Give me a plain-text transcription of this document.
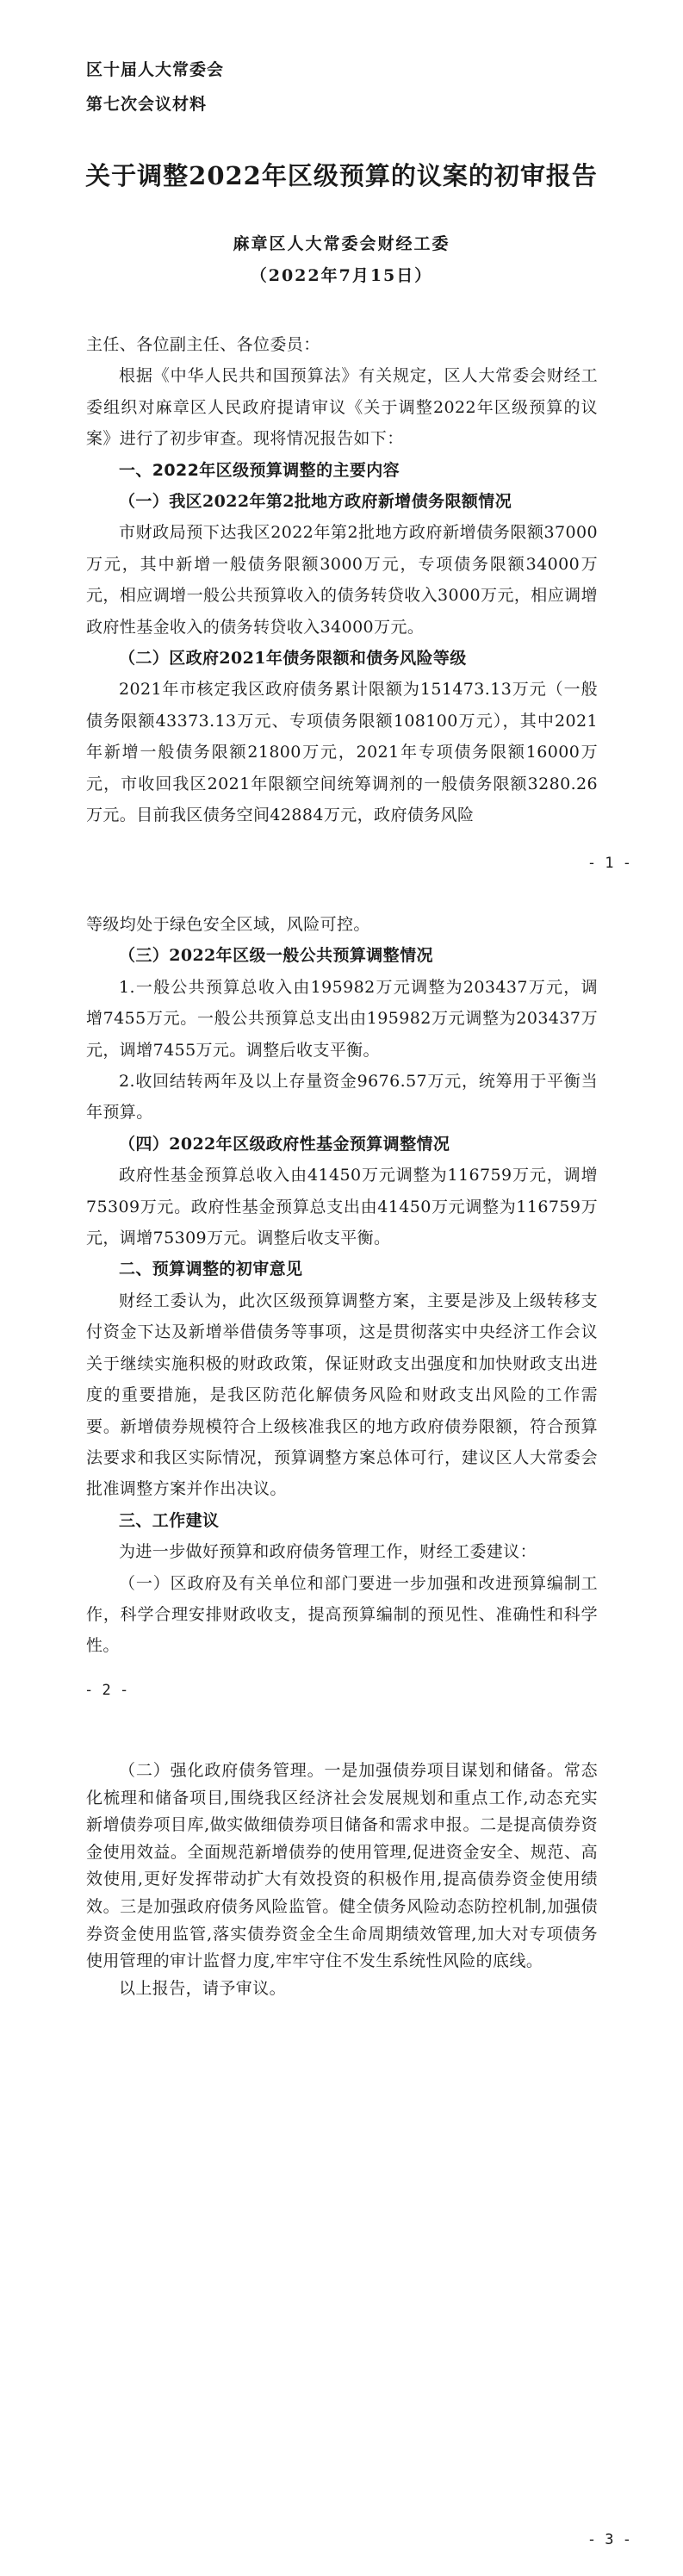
区十届人大常委会
第七次会议材料
关于调整2022年区级预算的议案的初审报告
麻章区人大常委会财经工委
（2022年7月15日）

主任、各位副主任、各位委员：

根据《中华人民共和国预算法》有关规定，区人大常委会财经工委组织对麻章区人民政府提请审议《关于调整2022年区级预算的议案》进行了初步审查。现将情况报告如下：

一、2022年区级预算调整的主要内容

（一）我区2022年第2批地方政府新增债务限额情况

市财政局预下达我区2022年第2批地方政府新增债务限额37000万元，其中新增一般债务限额3000万元，专项债务限额34000万元，相应调增一般公共预算收入的债务转贷收入3000万元，相应调增政府性基金收入的债务转贷收入34000万元。

（二）区政府2021年债务限额和债务风险等级

2021年市核定我区政府债务累计限额为151473.13万元（一般债务限额43373.13万元、专项债务限额108100万元），其中2021年新增一般债务限额21800万元，2021年专项债务限额16000万元，市收回我区2021年限额空间统筹调剂的一般债务限额3280.26万元。目前我区债务空间42884万元，政府债务风险

- 1 -

等级均处于绿色安全区域，风险可控。

（三）2022年区级一般公共预算调整情况

1.一般公共预算总收入由195982万元调整为203437万元，调增7455万元。一般公共预算总支出由195982万元调整为203437万元，调增7455万元。调整后收支平衡。

2.收回结转两年及以上存量资金9676.57万元，统筹用于平衡当年预算。

（四）2022年区级政府性基金预算调整情况

政府性基金预算总收入由41450万元调整为116759万元，调增75309万元。政府性基金预算总支出由41450万元调整为116759万元，调增75309万元。调整后收支平衡。

二、预算调整的初审意见

财经工委认为，此次区级预算调整方案，主要是涉及上级转移支付资金下达及新增举借债务等事项，这是贯彻落实中央经济工作会议关于继续实施积极的财政政策，保证财政支出强度和加快财政支出进度的重要措施，是我区防范化解债务风险和财政支出风险的工作需要。新增债券规模符合上级核准我区的地方政府债券限额，符合预算法要求和我区实际情况，预算调整方案总体可行，建议区人大常委会批准调整方案并作出决议。

三、工作建议

为进一步做好预算和政府债务管理工作，财经工委建议：

（一）区政府及有关单位和部门要进一步加强和改进预算编制工作，科学合理安排财政收支，提高预算编制的预见性、准确性和科学性。

- 2 -

（二）强化政府债务管理。一是加强债券项目谋划和储备。常态化梳理和储备项目,围绕我区经济社会发展规划和重点工作,动态充实新增债券项目库,做实做细债券项目储备和需求申报。二是提高债券资金使用效益。全面规范新增债券的使用管理,促进资金安全、规范、高效使用,更好发挥带动扩大有效投资的积极作用,提高债券资金使用绩效。三是加强政府债务风险监管。健全债务风险动态防控机制,加强债券资金使用监管,落实债券资金全生命周期绩效管理,加大对专项债务使用管理的审计监督力度,牢牢守住不发生系统性风险的底线。

以上报告，请予审议。

- 3 -
